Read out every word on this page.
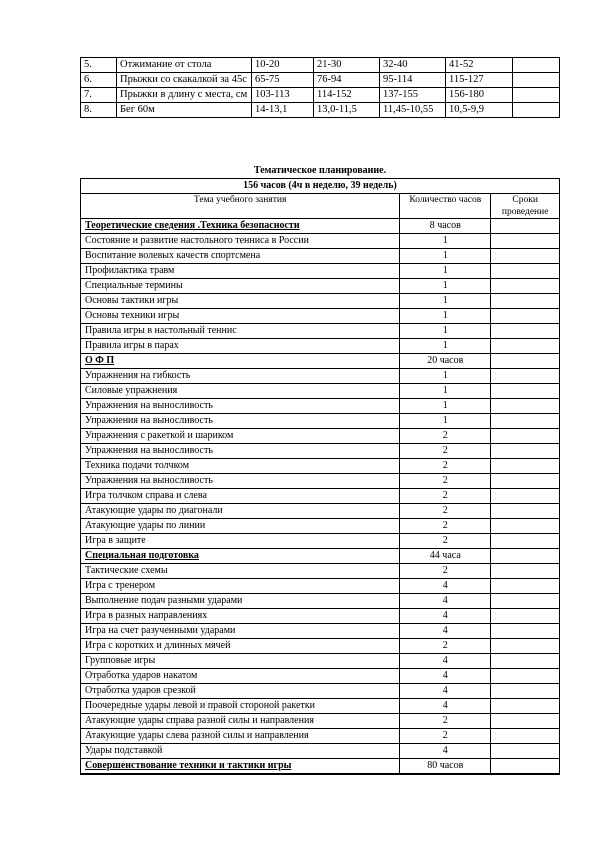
5.	Отжимание от стола	10-20	21-30	32-40	41-52	
6.	Прыжки со скакалкой за 45с	65-75	76-94	95-114	115-127	
7.	Прыжки в длину с места, см	103-113	114-152	137-155	156-180	
8.	Бег 60м	14-13,1	13,0-11,5	11,45-10,55	10,5-9,9	
Тематическое планирование.
156 часов (4ч в неделю, 39 недель)		
Тема учебного занятия	Количество часов	Сроки проведение
Теоретические сведения .Техника безопасности	8 часов	
Состояние и развитие настольного тенниса в России	1	
Воспитание волевых качеств спортсмена	1	
Профилактика травм	1	
Специальные термины	1	
Основы тактики игры	1	
Основы техники игры	1	
Правила игры в настольный теннис	1	
Правила игры в парах	1	
О Ф П	20 часов	
Упражнения на гибкость	1	
Силовые упражнения	1	
Упражнения на выносливость	1	
Упражнения на выносливость	1	
Упражнения с ракеткой и шариком	2	
Упражнения на выносливость	2	
Техника подачи толчком	2	
Упражнения на выносливость	2	
Игра толчком справа и слева	2	
Атакующие удары по диагонали	2	
Атакующие удары по линии	2	
Игра в защите	2	
Специальная подготовка	44 часа	
Тактические схемы	2	
Игра с тренером	4	
Выполнение подач разными ударами	4	
Игра в разных направлениях	4	
Игра на счет разученными ударами	4	
Игра с коротких и длинных мячей	2	
Групповые игры	4	
Отработка ударов накатом	4	
Отработка ударов срезкой	4	
Поочередные удары левой и правой стороной ракетки	4	
Атакующие удары справа разной силы и направления	2	
Атакующие удары слева разной силы и направления	2	
Удары подставкой	4	
Совершенствование техники и тактики игры	80 часов	
